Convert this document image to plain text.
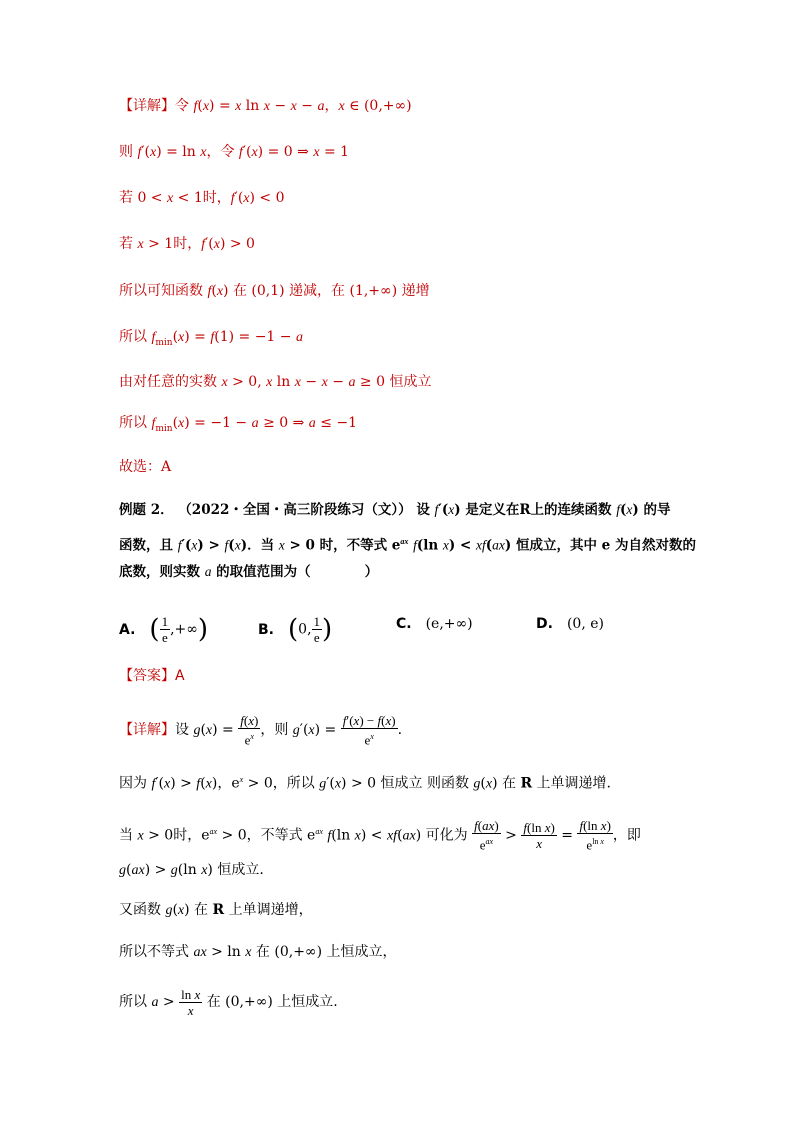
【详解】令 f(x) = x ln x − x − a，x ∈ (0,+∞)
则 f′(x) = ln x，令 f′(x) = 0 ⇒ x = 1
若 0 < x < 1时，f′(x) < 0
若 x > 1时，f′(x) > 0
所以可知函数 f(x) 在 (0,1) 递减，在 (1,+∞) 递增
所以 $f_{min}(x) = f(1) = -1 - a$
由对任意的实数 x > 0, x ln x − x − a ≥ 0 恒成立
所以 $f_{min}(x) = -1 - a \ge 0$ ⇒ a ≤ −1
故选：A
例题 2． （2022・全国・高三阶段练习（文）） 设 f′(x) 是定义在R上的连续函数 f(x) 的导
函数，且 f′(x) > f(x)．当 x > 0 时，不等式 $e^{ax}$ f(ln x) < xf(ax) 恒成立，其中 e 为自然对数的
底数，则实数 a 的取值范围为（　　　　）
A. ( $\frac{1}{e}$ ,+∞)	B. (0, $\frac{1}{e}$ )	C. (e,+∞)	D. (0, e)
【答案】A
【详解】设 $g(x) = \frac{f(x)}{e^x}$ ，则 $g'(x) = \frac{f'(x) - f(x)}{e^x}$ .
因为 f′(x) > f(x)，$e^x > 0$，所以 g′(x) > 0 恒成立 则函数 g(x) 在 R 上单调递增.
当 x > 0时，$e^{ax} > 0$，不等式 $e^{ax}$ f(ln x) < xf(ax) 可化为 $\frac{f(ax)}{e^{ax}} > \frac{\text{f(ln x)}}{x} = \frac{\text{f(ln x)}}{e^{ln x}}$ ，即
g(ax) > g(ln x) 恒成立.
又函数 g(x) 在 R 上单调递增，
所以不等式 ax > ln x 在 (0,+∞) 上恒成立，
所以 $a > \frac{\text{ln x}}{x}$ 在 (0,+∞) 上恒成立.
